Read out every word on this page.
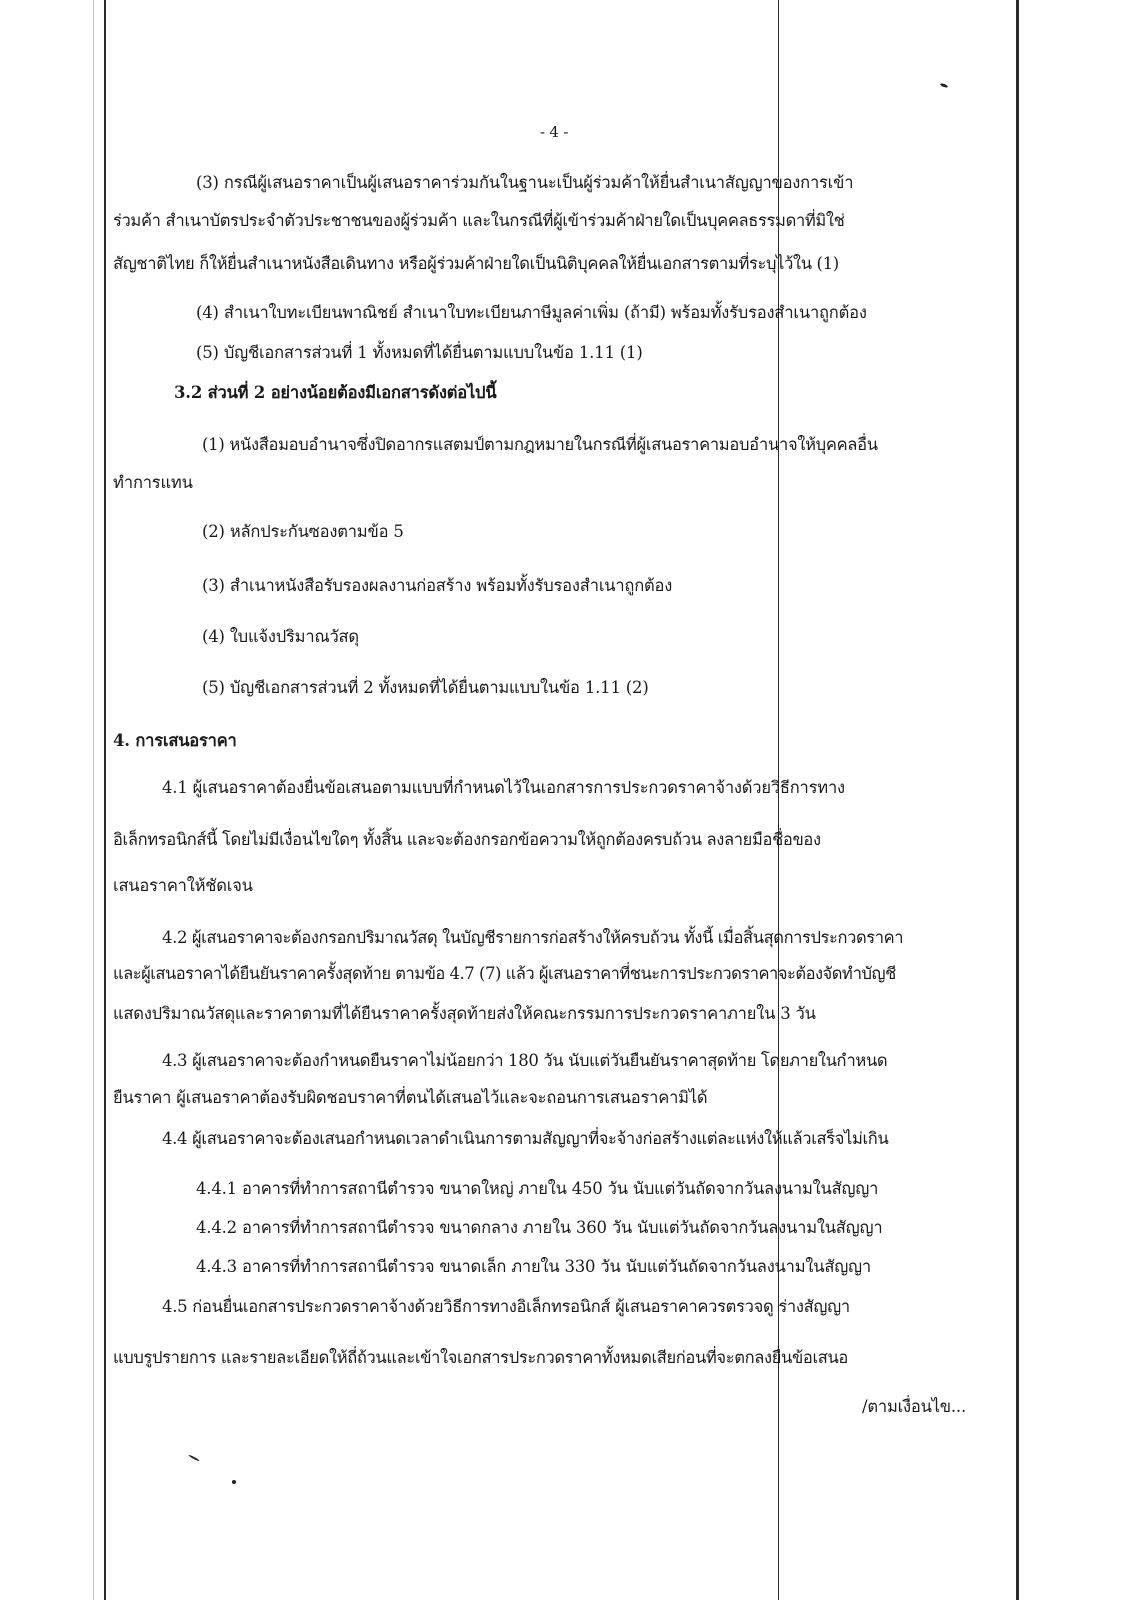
- 4 -
(3) กรณีผู้เสนอราคาเป็นผู้เสนอราคาร่วมกันในฐานะเป็นผู้ร่วมค้าให้ยื่นสำเนาสัญญาของการเข้า
ร่วมค้า สำเนาบัตรประจำตัวประชาชนของผู้ร่วมค้า และในกรณีที่ผู้เข้าร่วมค้าฝ่ายใดเป็นบุคคลธรรมดาที่มิใช่
สัญชาติไทย ก็ให้ยื่นสำเนาหนังสือเดินทาง หรือผู้ร่วมค้าฝ่ายใดเป็นนิติบุคคลให้ยื่นเอกสารตามที่ระบุไว้ใน (1)
(4) สำเนาใบทะเบียนพาณิชย์ สำเนาใบทะเบียนภาษีมูลค่าเพิ่ม (ถ้ามี) พร้อมทั้งรับรองสำเนาถูกต้อง
(5) บัญชีเอกสารส่วนที่ 1 ทั้งหมดที่ได้ยื่นตามแบบในข้อ 1.11 (1)
3.2 ส่วนที่ 2 อย่างน้อยต้องมีเอกสารดังต่อไปนี้
(1) หนังสือมอบอำนาจซึ่งปิดอากรแสตมป์ตามกฎหมายในกรณีที่ผู้เสนอราคามอบอำนาจให้บุคคลอื่น
ทำการแทน
(2) หลักประกันซองตามข้อ 5
(3) สำเนาหนังสือรับรองผลงานก่อสร้าง พร้อมทั้งรับรองสำเนาถูกต้อง
(4) ใบแจ้งปริมาณวัสดุ
(5) บัญชีเอกสารส่วนที่ 2 ทั้งหมดที่ได้ยื่นตามแบบในข้อ 1.11 (2)
4. การเสนอราคา
4.1 ผู้เสนอราคาต้องยื่นข้อเสนอตามแบบที่กำหนดไว้ในเอกสารการประกวดราคาจ้างด้วยวิธีการทาง
อิเล็กทรอนิกส์นี้ โดยไม่มีเงื่อนไขใดๆ ทั้งสิ้น และจะต้องกรอกข้อความให้ถูกต้องครบถ้วน ลงลายมือชื่อของ
เสนอราคาให้ชัดเจน
4.2 ผู้เสนอราคาจะต้องกรอกปริมาณวัสดุ ในบัญชีรายการก่อสร้างให้ครบถ้วน ทั้งนี้ เมื่อสิ้นสุดการประกวดราคา
และผู้เสนอราคาได้ยืนยันราคาครั้งสุดท้าย ตามข้อ 4.7 (7) แล้ว ผู้เสนอราคาที่ชนะการประกวดราคาจะต้องจัดทำบัญชี
แสดงปริมาณวัสดุและราคาตามที่ได้ยืนราคาครั้งสุดท้ายส่งให้คณะกรรมการประกวดราคาภายใน 3 วัน
4.3 ผู้เสนอราคาจะต้องกำหนดยืนราคาไม่น้อยกว่า 180 วัน นับแต่วันยืนยันราคาสุดท้าย โดยภายในกำหนด
ยืนราคา ผู้เสนอราคาต้องรับผิดชอบราคาที่ตนได้เสนอไว้และจะถอนการเสนอราคามิได้
4.4 ผู้เสนอราคาจะต้องเสนอกำหนดเวลาดำเนินการตามสัญญาที่จะจ้างก่อสร้างแต่ละแห่งให้แล้วเสร็จไม่เกิน
4.4.1 อาคารที่ทำการสถานีตำรวจ ขนาดใหญ่ ภายใน 450 วัน นับแต่วันถัดจากวันลงนามในสัญญา
4.4.2 อาคารที่ทำการสถานีตำรวจ ขนาดกลาง ภายใน 360 วัน นับแต่วันถัดจากวันลงนามในสัญญา
4.4.3 อาคารที่ทำการสถานีตำรวจ ขนาดเล็ก ภายใน 330 วัน นับแต่วันถัดจากวันลงนามในสัญญา
4.5 ก่อนยื่นเอกสารประกวดราคาจ้างด้วยวิธีการทางอิเล็กทรอนิกส์ ผู้เสนอราคาควรตรวจดู ร่างสัญญา
แบบรูปรายการ และรายละเอียดให้ถี่ถ้วนและเข้าใจเอกสารประกวดราคาทั้งหมดเสียก่อนที่จะตกลงยื่นข้อเสนอ
/ตามเงื่อนไข...
